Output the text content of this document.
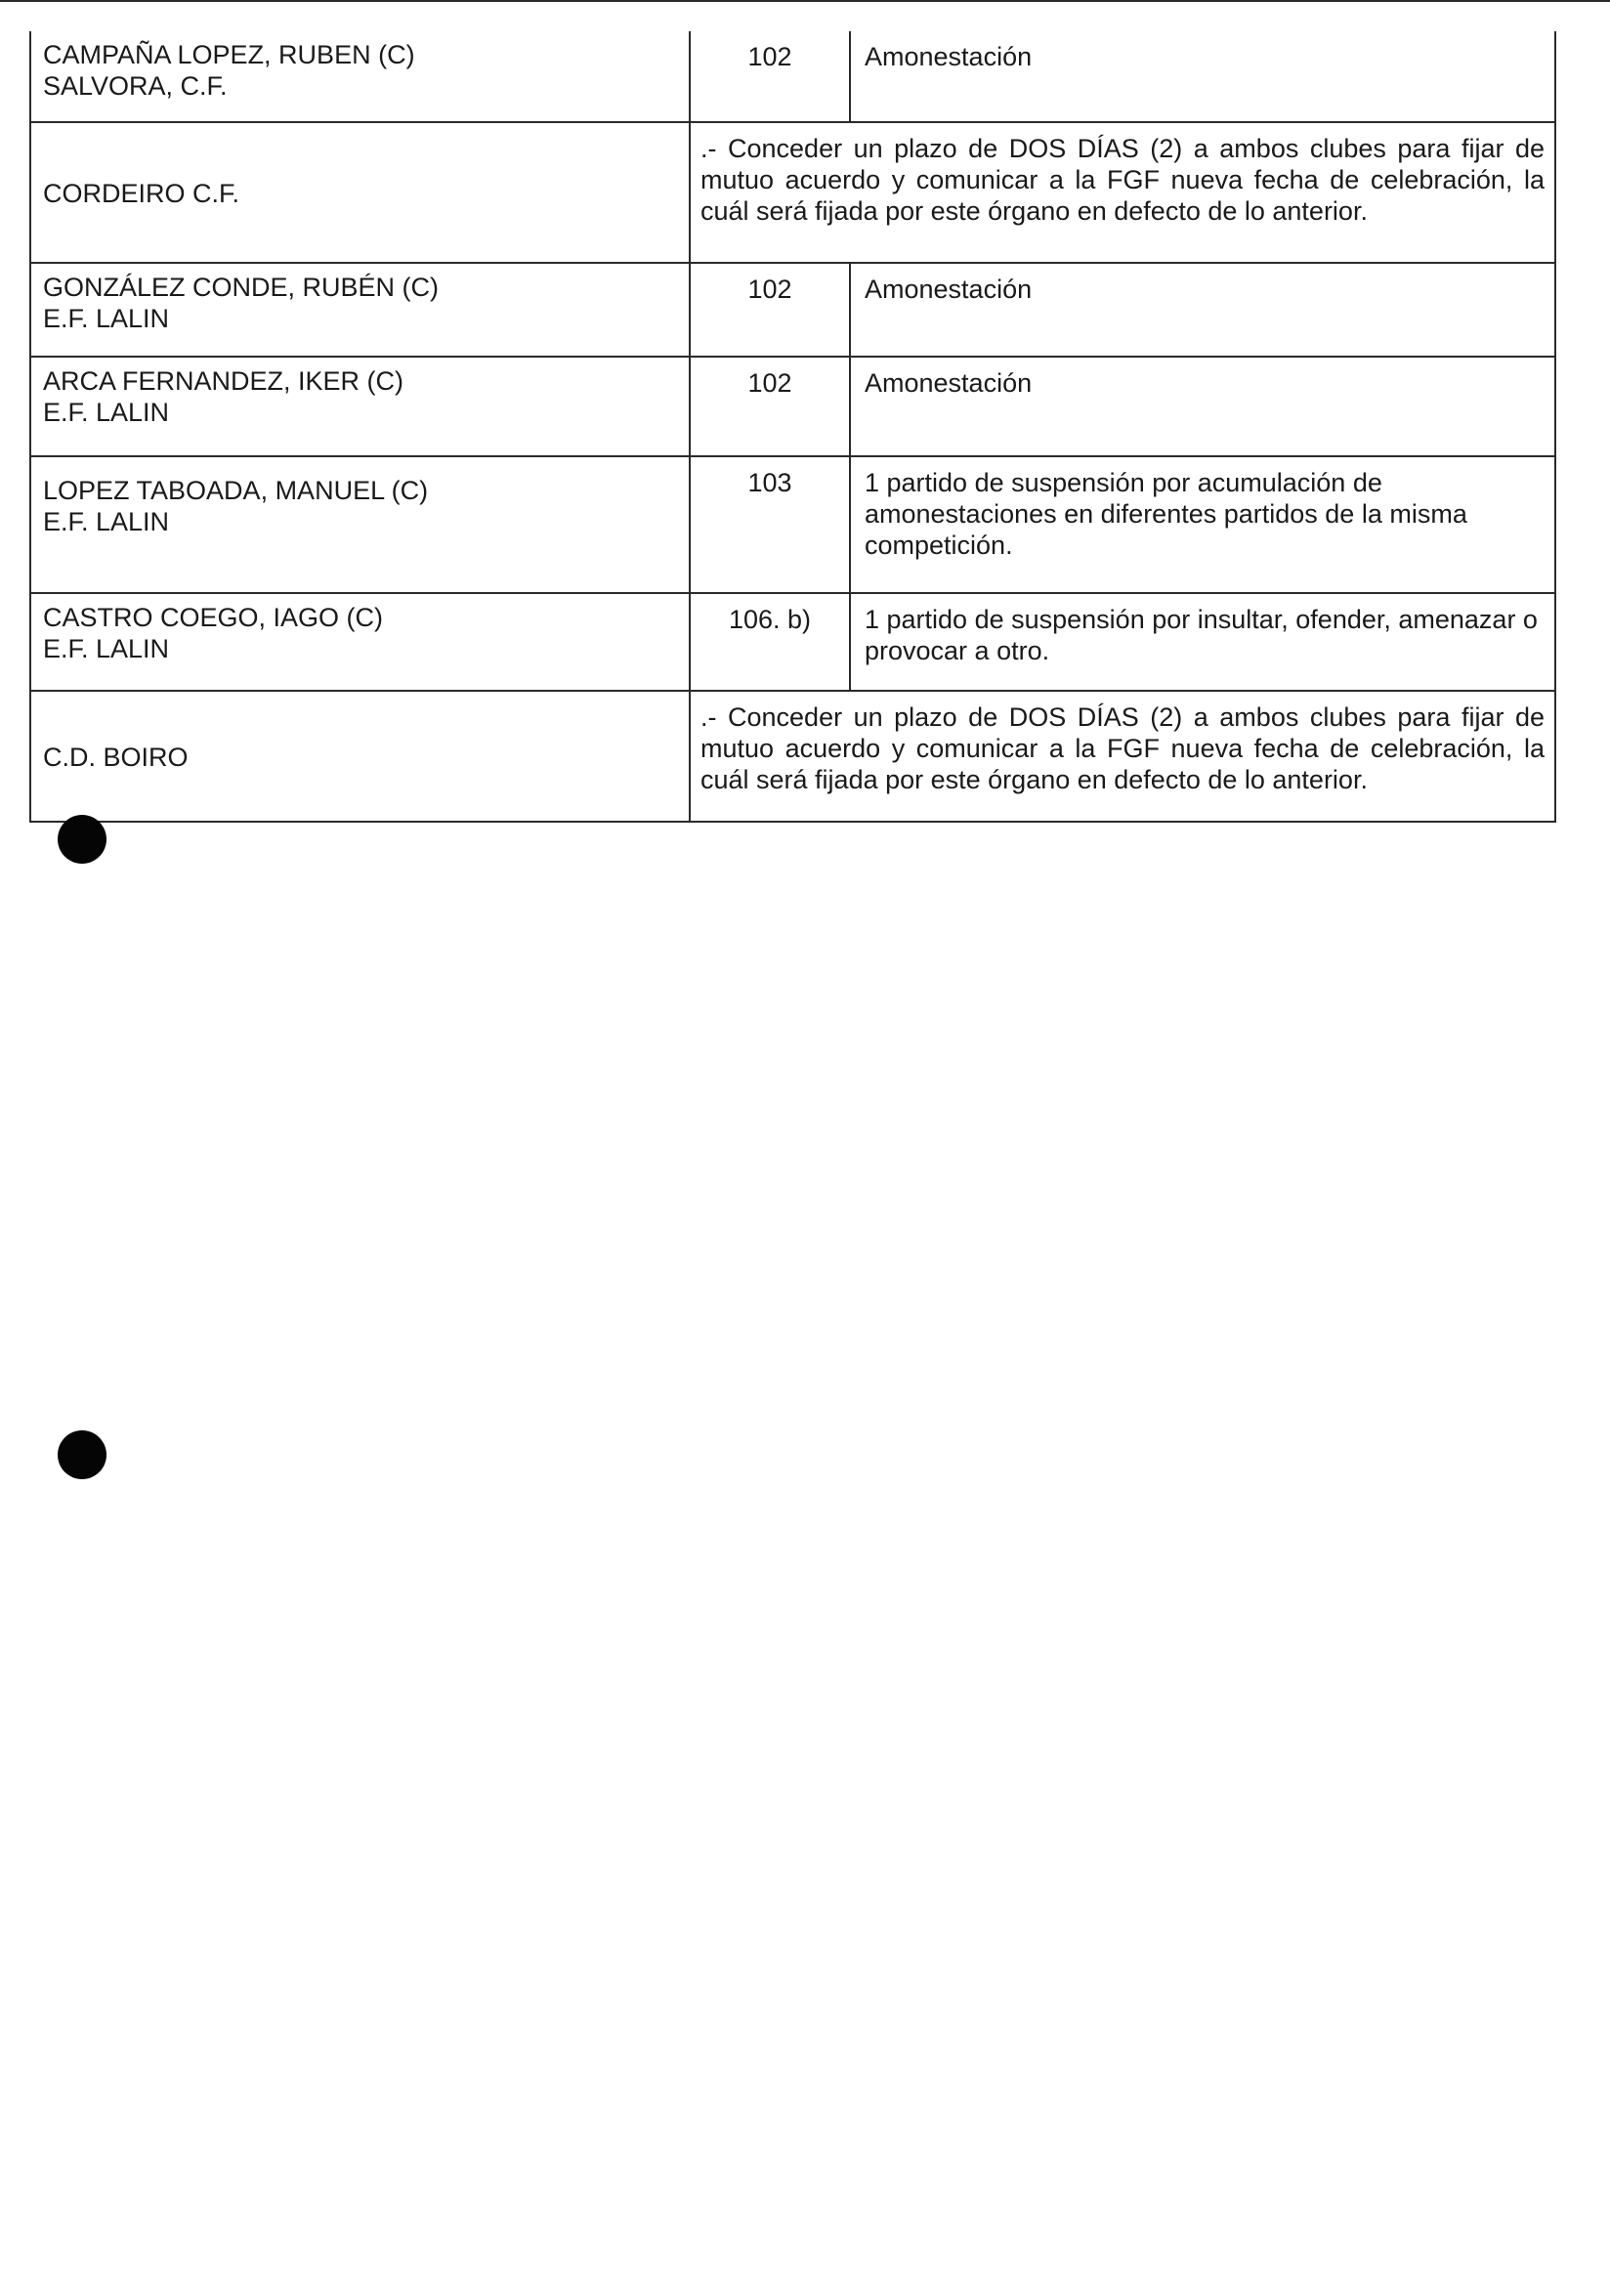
CAMPAÑA LOPEZ, RUBEN (C)
SALVORA, C.F.	102	Amonestación

CORDEIRO C.F.	.- Conceder un plazo de DOS DÍAS (2) a ambos clubes para fijar de
mutuo acuerdo y comunicar a la FGF nueva fecha de celebración, la
cuál será fijada por este órgano en defecto de lo anterior.	

GONZÁLEZ CONDE, RUBÉN (C)
E.F. LALIN	102	Amonestación

ARCA FERNANDEZ, IKER (C)
E.F. LALIN	102	Amonestación

LOPEZ TABOADA, MANUEL (C)
E.F. LALIN	103	1 partido de suspensión por acumulación de
amonestaciones en diferentes partidos de la misma
competición.

CASTRO COEGO, IAGO (C)
E.F. LALIN	106. b)	1 partido de suspensión por insultar, ofender, amenazar o
provocar a otro.

C.D. BOIRO	.- Conceder un plazo de DOS DÍAS (2) a ambos clubes para fijar de
mutuo acuerdo y comunicar a la FGF nueva fecha de celebración, la
cuál será fijada por este órgano en defecto de lo anterior.	
